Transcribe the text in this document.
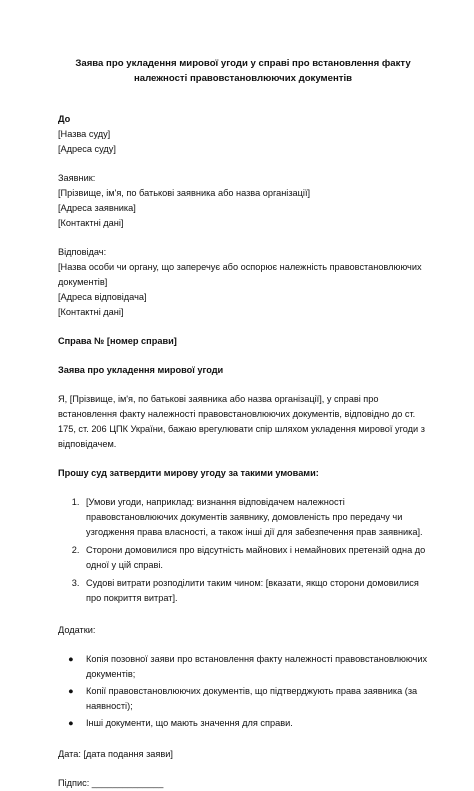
Заява про укладення мирової угоди у справі про встановлення факту
належності правовстановлюючих документів
До
[Назва суду]
[Адреса суду]
Заявник:
[Прізвище, ім'я, по батькові заявника або назва організації]
[Адреса заявника]
[Контактні дані]
Відповідач:
[Назва особи чи органу, що заперечує або оспорює належність правовстановлюючих
документів]
[Адреса відповідача]
[Контактні дані]
Справа № [номер справи]
Заява про укладення мирової угоди

Я, [Прізвище, ім'я, по батькові заявника або назва організації], у справі про встановлення факту належності правовстановлюючих документів, відповідно до ст. 175, ст. 206 ЦПК України, бажаю врегулювати спір шляхом укладення мирової угоди з відповідачем.

Прошу суд затвердити мирову угоду за такими умовами:
1. [Умови угоди, наприклад: визнання відповідачем належності правовстановлюючих документів заявнику, домовленість про передачу чи узгодження права власності, а також інші дії для забезпечення прав заявника].
2. Сторони домовилися про відсутність майнових і немайнових претензій одна до одної у цій справі.
3. Судові витрати розподілити таким чином: [вказати, якщо сторони домовилися про покриття витрат].
Додатки:
● Копія позовної заяви про встановлення факту належності правовстановлюючих документів;
● Копії правовстановлюючих документів, що підтверджують права заявника (за наявності);
● Інші документи, що мають значення для справи.
Дата: [дата подання заяви]
Підпис: ______________
